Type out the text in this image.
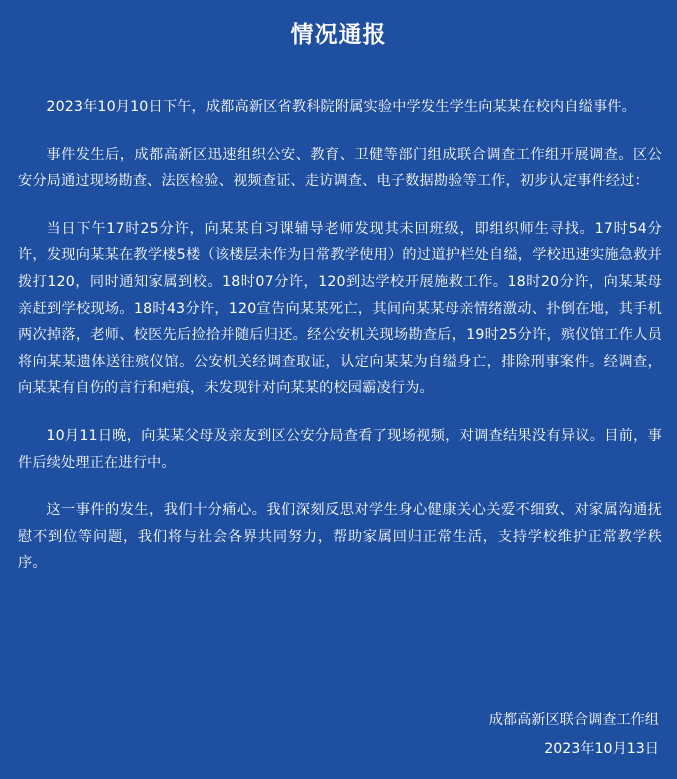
情况通报

2023年10月10日下午，成都高新区省教科院附属实验中学发生学生向某某在校内自缢事件。

事件发生后，成都高新区迅速组织公安、教育、卫健等部门组成联合调查工作组开展调查。区公安分局通过现场勘查、法医检验、视频查证、走访调查、电子数据勘验等工作，初步认定事件经过：

当日下午17时25分许，向某某自习课辅导老师发现其未回班级，即组织师生寻找。17时54分许，发现向某某在教学楼5楼（该楼层未作为日常教学使用）的过道护栏处自缢，学校迅速实施急救并拨打120，同时通知家属到校。18时07分许，120到达学校开展施救工作。18时20分许，向某某母亲赶到学校现场。18时43分许，120宣告向某某死亡，其间向某某母亲情绪激动、扑倒在地，其手机两次掉落，老师、校医先后捡拾并随后归还。经公安机关现场勘查后，19时25分许，殡仪馆工作人员将向某某遗体送往殡仪馆。公安机关经调查取证，认定向某某为自缢身亡，排除刑事案件。经调查，向某某有自伤的言行和疤痕，未发现针对向某某的校园霸凌行为。

10月11日晚，向某某父母及亲友到区公安分局查看了现场视频，对调查结果没有异议。目前，事件后续处理正在进行中。

这一事件的发生，我们十分痛心。我们深刻反思对学生身心健康关心关爱不细致、对家属沟通抚慰不到位等问题，我们将与社会各界共同努力，帮助家属回归正常生活，支持学校维护正常教学秩序。

成都高新区联合调查工作组
2023年10月13日
